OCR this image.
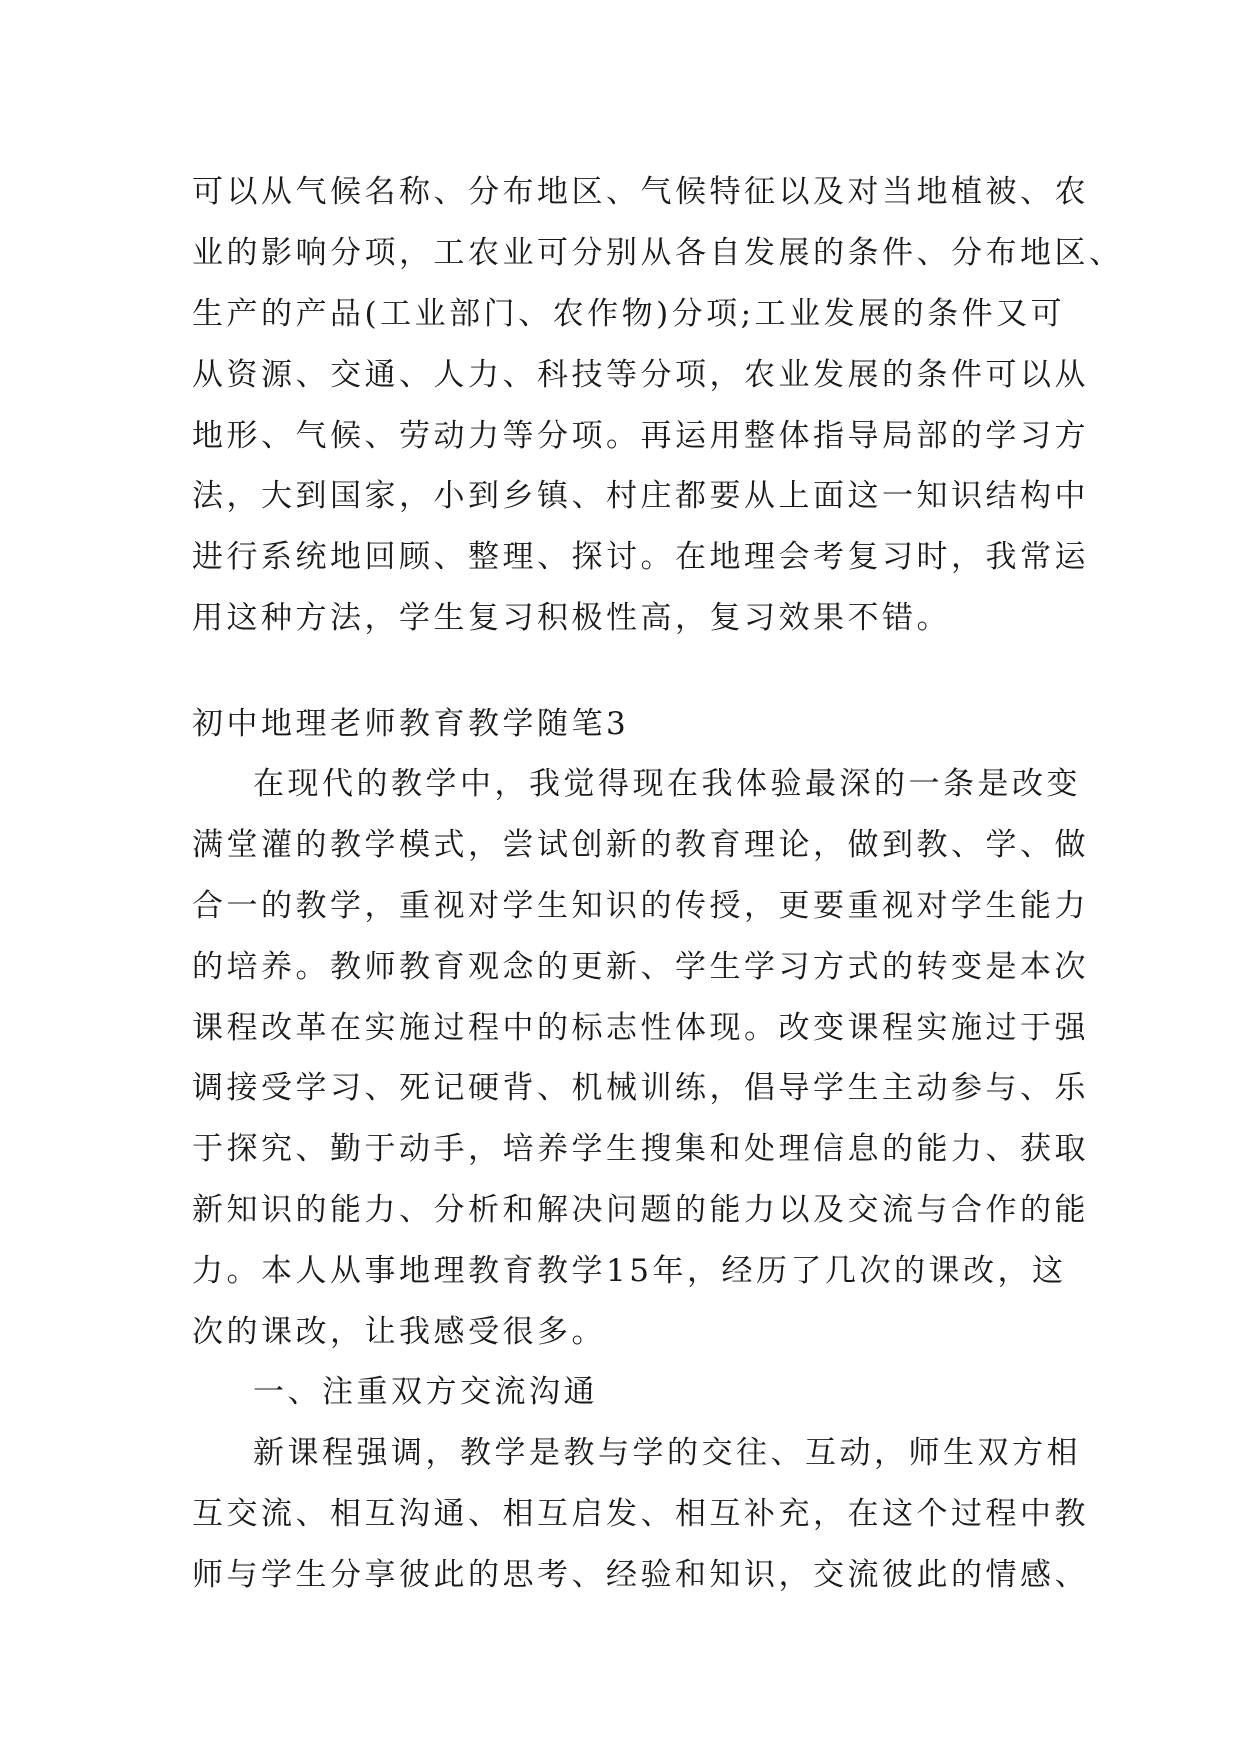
可以从气候名称、分布地区、气候特征以及对当地植被、农
业的影响分项，工农业可分别从各自发展的条件、分布地区、
生产的产品(工业部门、农作物)分项;工业发展的条件又可
从资源、交通、人力、科技等分项，农业发展的条件可以从
地形、气候、劳动力等分项。再运用整体指导局部的学习方
法，大到国家，小到乡镇、村庄都要从上面这一知识结构中
进行系统地回顾、整理、探讨。在地理会考复习时，我常运
用这种方法，学生复习积极性高，复习效果不错。
初中地理老师教育教学随笔3
在现代的教学中，我觉得现在我体验最深的一条是改变
满堂灌的教学模式，尝试创新的教育理论，做到教、学、做
合一的教学，重视对学生知识的传授，更要重视对学生能力
的培养。教师教育观念的更新、学生学习方式的转变是本次
课程改革在实施过程中的标志性体现。改变课程实施过于强
调接受学习、死记硬背、机械训练，倡导学生主动参与、乐
于探究、勤于动手，培养学生搜集和处理信息的能力、获取
新知识的能力、分析和解决问题的能力以及交流与合作的能
力。本人从事地理教育教学15年，经历了几次的课改，这
次的课改，让我感受很多。
一、注重双方交流沟通
新课程强调，教学是教与学的交往、互动，师生双方相
互交流、相互沟通、相互启发、相互补充，在这个过程中教
师与学生分享彼此的思考、经验和知识，交流彼此的情感、
